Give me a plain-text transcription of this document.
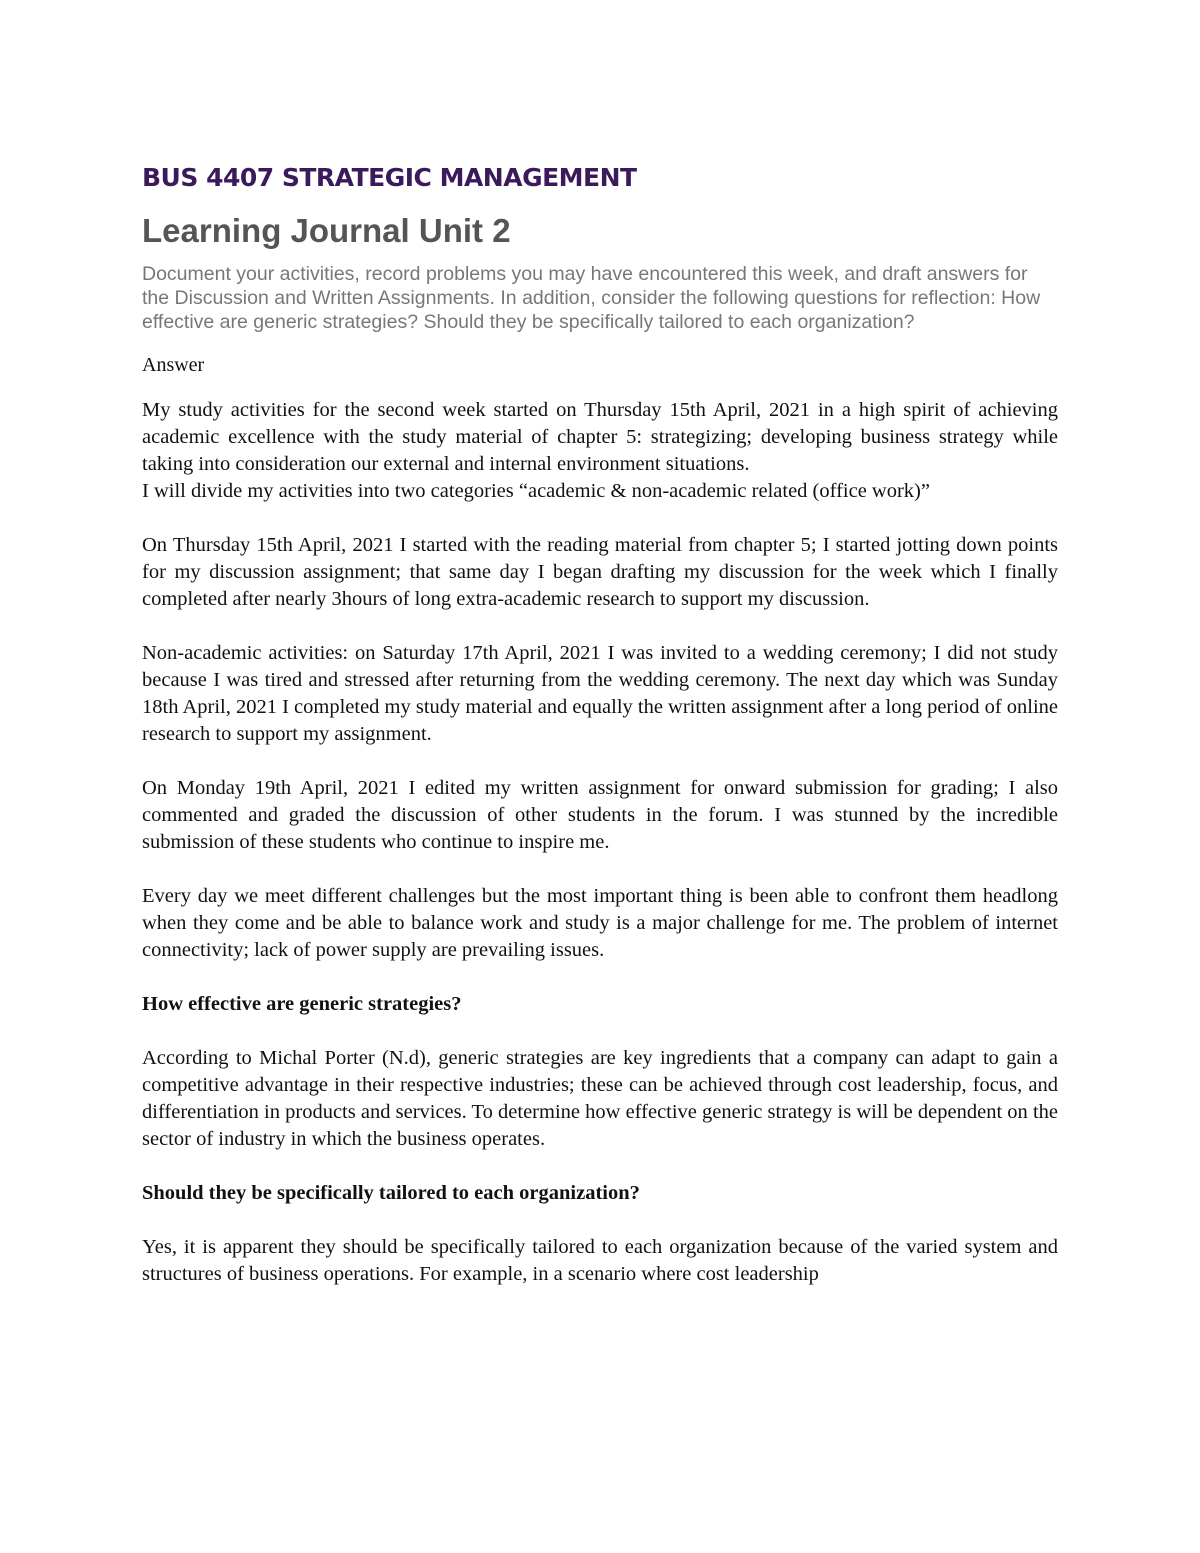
BUS 4407 STRATEGIC MANAGEMENT
Learning Journal Unit 2

Document your activities, record problems you may have encountered this week, and draft answers for the Discussion and Written Assignments. In addition, consider the following questions for reflection: How effective are generic strategies? Should they be specifically tailored to each organization?

Answer

My study activities for the second week started on Thursday 15th April, 2021 in a high spirit of achieving academic excellence with the study material of chapter 5: strategizing; developing business strategy while taking into consideration our external and internal environment situations.

I will divide my activities into two categories “academic & non-academic related (office work)”

On Thursday 15th April, 2021 I started with the reading material from chapter 5; I started jotting down points for my discussion assignment; that same day I began drafting my discussion for the week which I finally completed after nearly 3hours of long extra-academic research to support my discussion.

Non-academic activities: on Saturday 17th April, 2021 I was invited to a wedding ceremony; I did not study because I was tired and stressed after returning from the wedding ceremony. The next day which was Sunday 18th April, 2021 I completed my study material and equally the written assignment after a long period of online research to support my assignment.

On Monday 19th April, 2021 I edited my written assignment for onward submission for grading; I also commented and graded the discussion of other students in the forum. I was stunned by the incredible submission of these students who continue to inspire me.

Every day we meet different challenges but the most important thing is been able to confront them headlong when they come and be able to balance work and study is a major challenge for me. The problem of internet connectivity; lack of power supply are prevailing issues.

How effective are generic strategies?

According to Michal Porter (N.d), generic strategies are key ingredients that a company can adapt to gain a competitive advantage in their respective industries; these can be achieved through cost leadership, focus, and differentiation in products and services. To determine how effective generic strategy is will be dependent on the sector of industry in which the business operates.

Should they be specifically tailored to each organization?

Yes, it is apparent they should be specifically tailored to each organization because of the varied system and structures of business operations. For example, in a scenario where cost leadership
